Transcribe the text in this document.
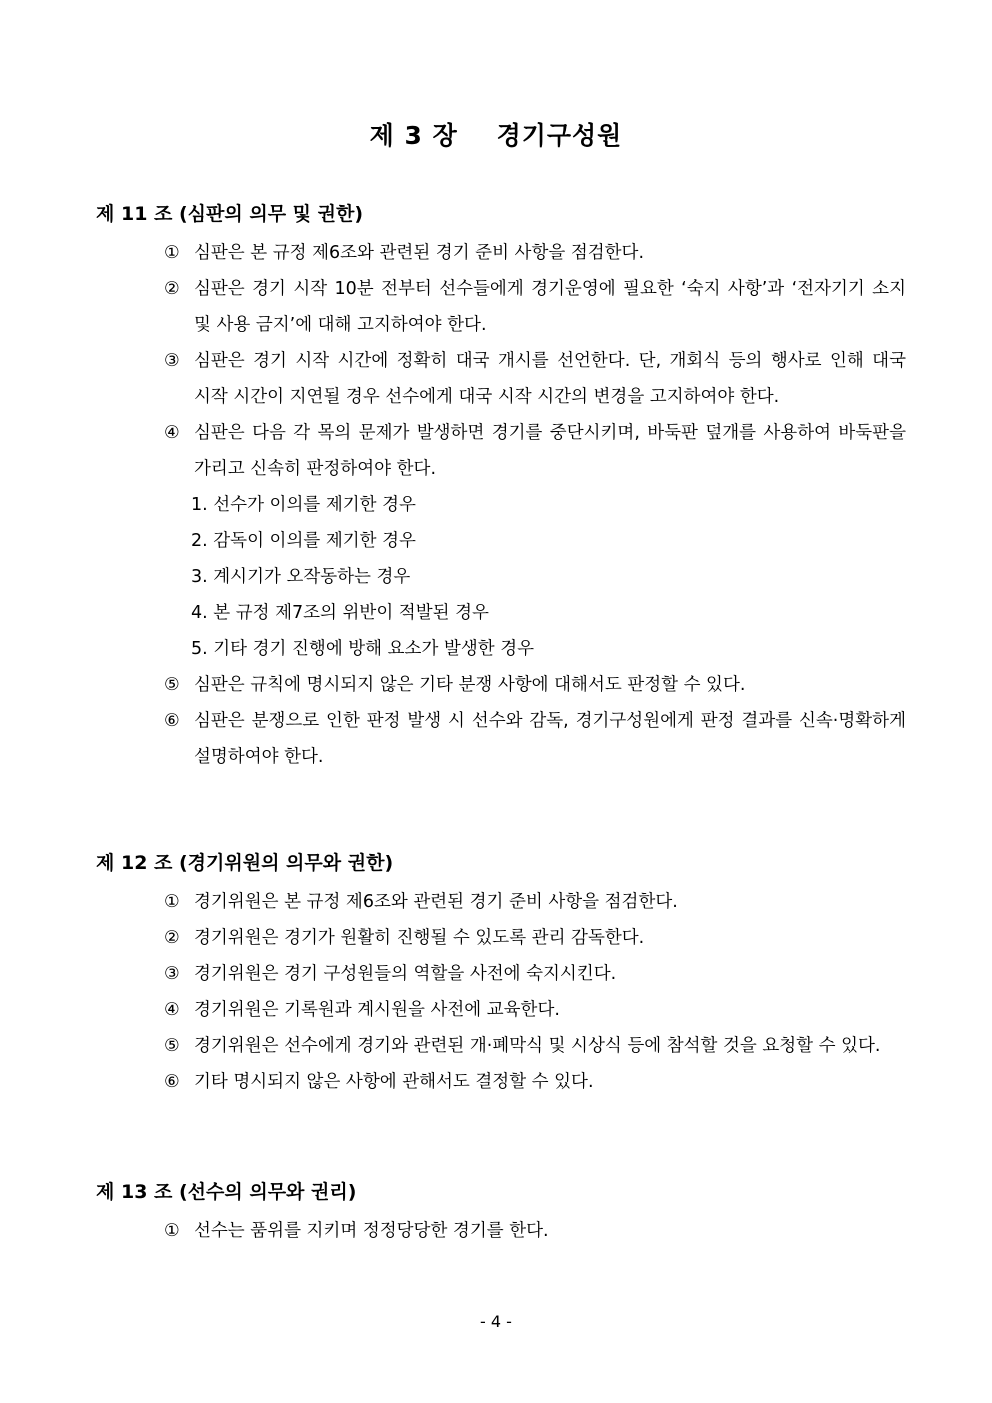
제 3 장    경기구성원
제 11 조 (심판의 의무 및 권한)
① 심판은 본 규정 제6조와 관련된 경기 준비 사항을 점검한다.
② 심판은 경기 시작 10분 전부터 선수들에게 경기운영에 필요한 ‘숙지 사항’과 ‘전자기기 소지 및 사용 금지’에 대해 고지하여야 한다.
③ 심판은 경기 시작 시간에 정확히 대국 개시를 선언한다. 단, 개회식 등의 행사로 인해 대국 시작 시간이 지연될 경우 선수에게 대국 시작 시간의 변경을 고지하여야 한다.
④ 심판은 다음 각 목의 문제가 발생하면 경기를 중단시키며, 바둑판 덮개를 사용하여 바둑판을 가리고 신속히 판정하여야 한다.
1. 선수가 이의를 제기한 경우
2. 감독이 이의를 제기한 경우
3. 계시기가 오작동하는 경우
4. 본 규정 제7조의 위반이 적발된 경우
5. 기타 경기 진행에 방해 요소가 발생한 경우
⑤ 심판은 규칙에 명시되지 않은 기타 분쟁 사항에 대해서도 판정할 수 있다.
⑥ 심판은 분쟁으로 인한 판정 발생 시 선수와 감독, 경기구성원에게 판정 결과를 신속·명확하게 설명하여야 한다.
제 12 조 (경기위원의 의무와 권한)
① 경기위원은 본 규정 제6조와 관련된 경기 준비 사항을 점검한다.
② 경기위원은 경기가 원활히 진행될 수 있도록 관리 감독한다.
③ 경기위원은 경기 구성원들의 역할을 사전에 숙지시킨다.
④ 경기위원은 기록원과 계시원을 사전에 교육한다.
⑤ 경기위원은 선수에게 경기와 관련된 개·폐막식 및 시상식 등에 참석할 것을 요청할 수 있다.
⑥ 기타 명시되지 않은 사항에 관해서도 결정할 수 있다.
제 13 조 (선수의 의무와 권리)
① 선수는 품위를 지키며 정정당당한 경기를 한다.
- 4 -
